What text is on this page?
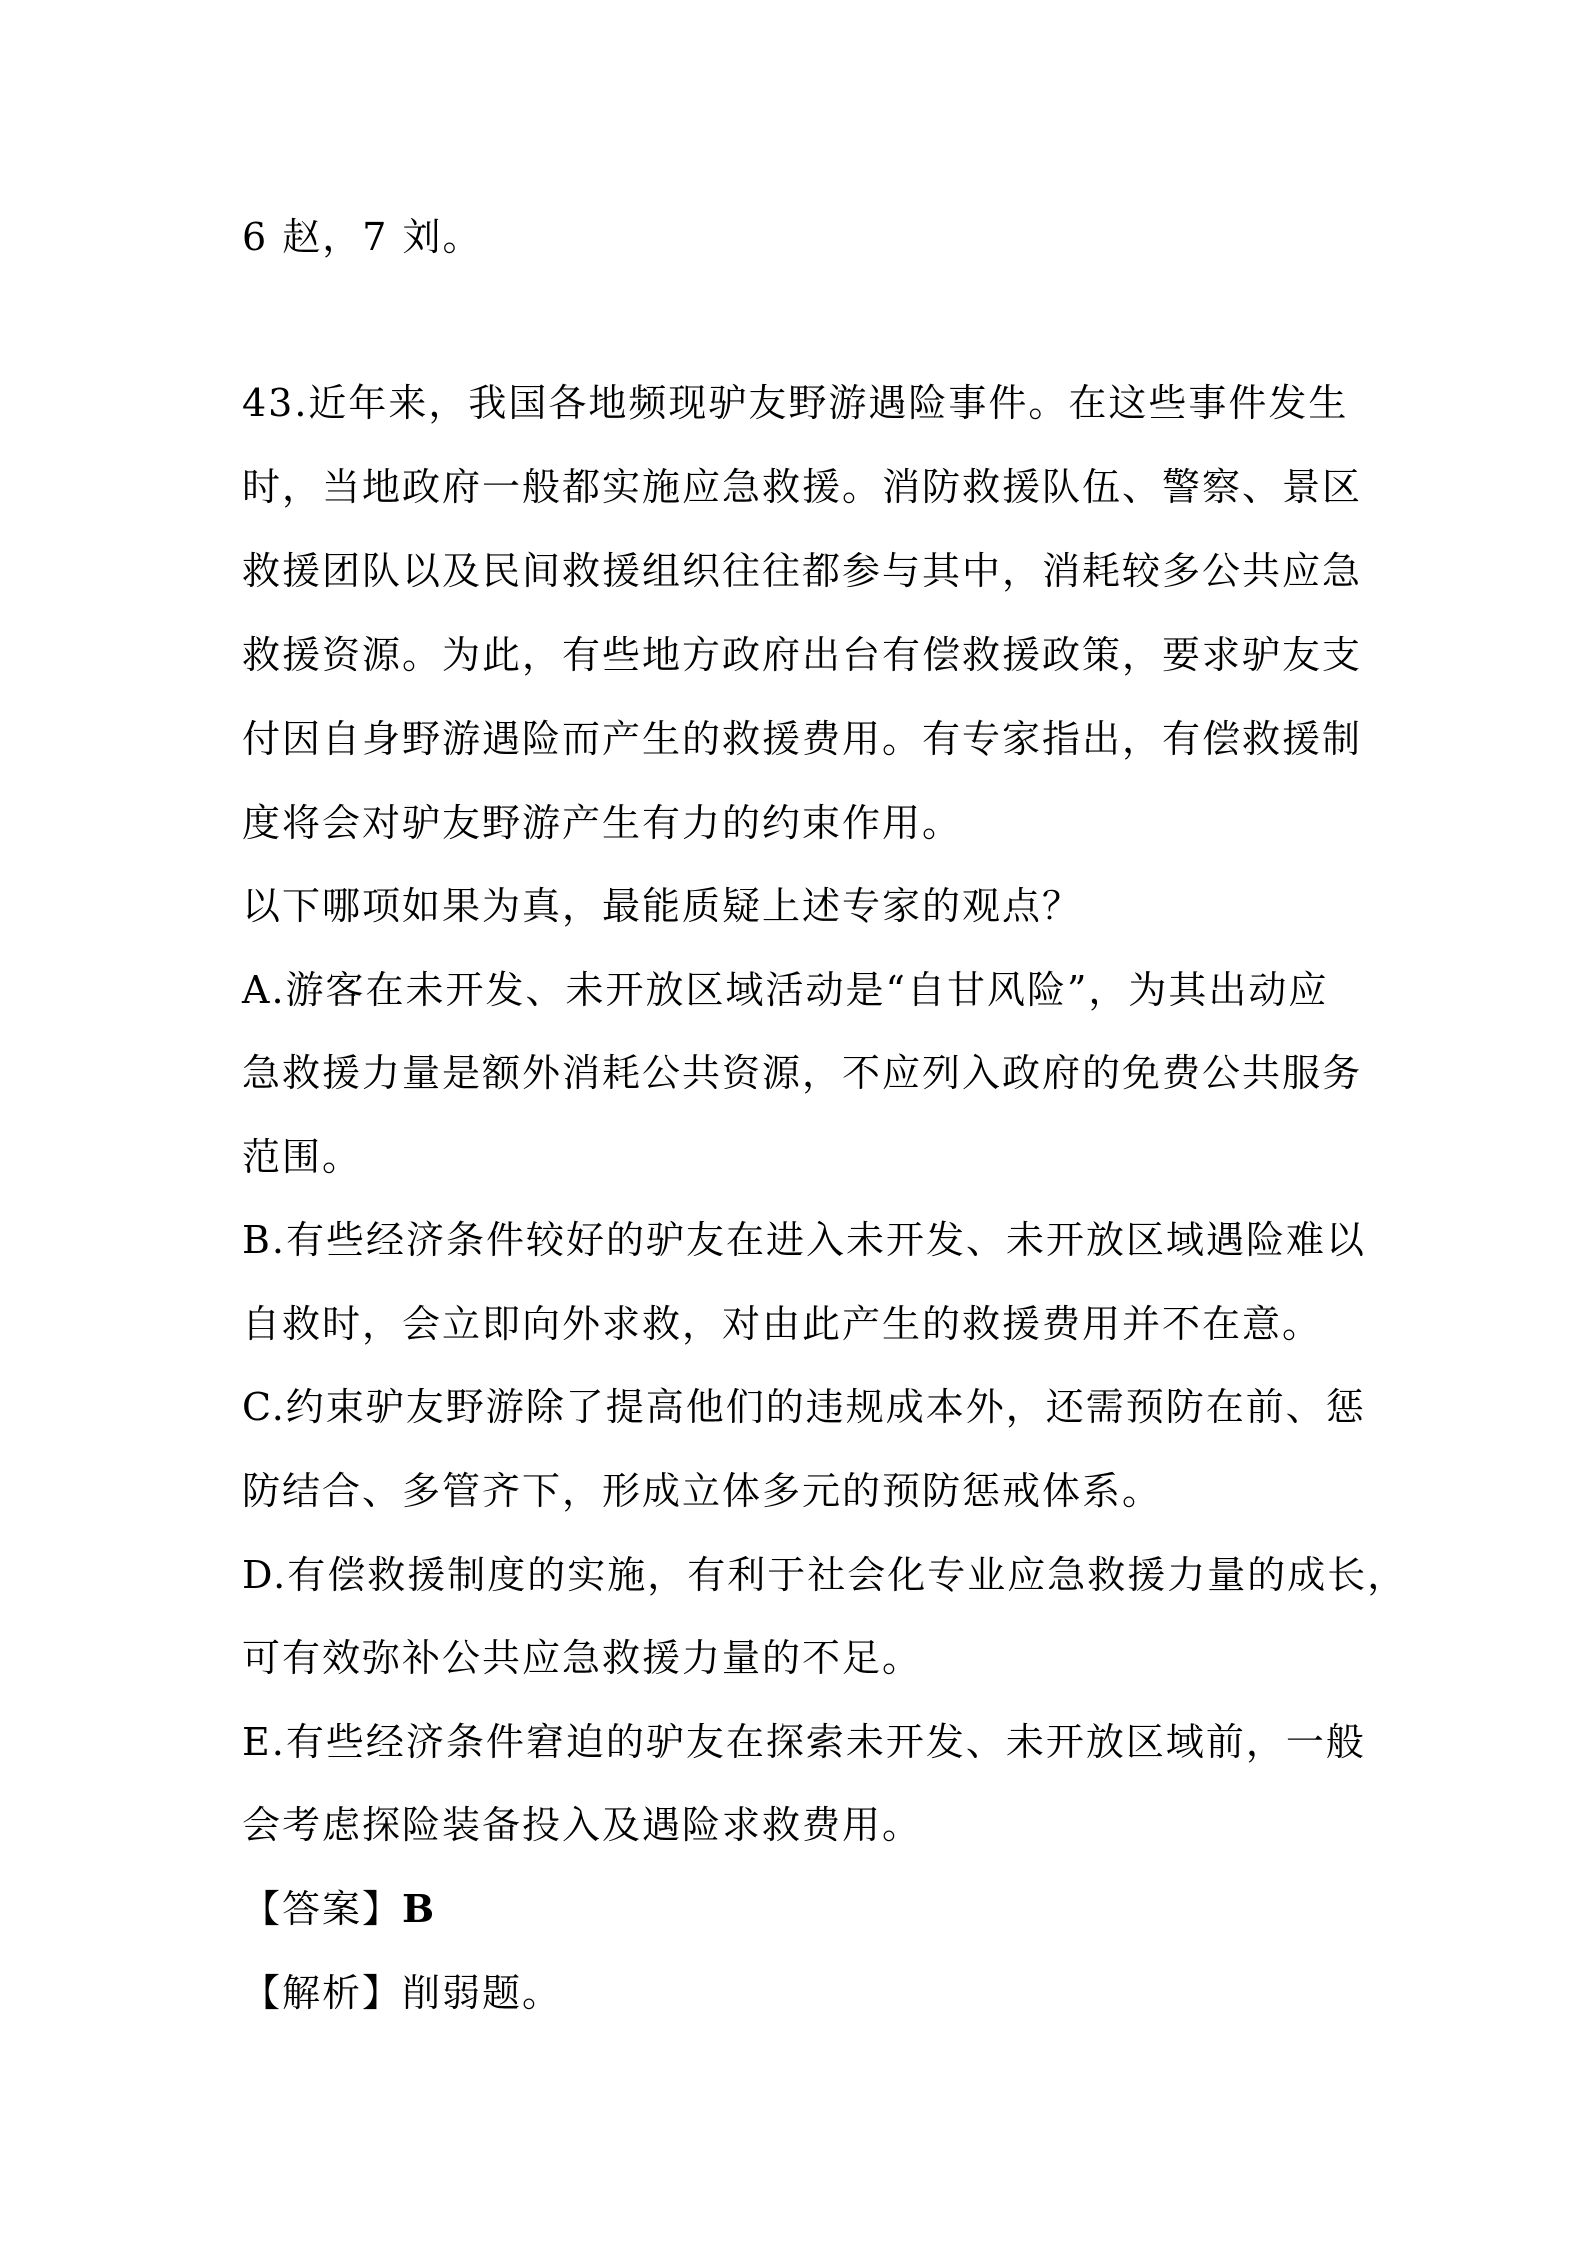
6 赵，7 刘。
43.近年来，我国各地频现驴友野游遇险事件。在这些事件发生
时，当地政府一般都实施应急救援。消防救援队伍、警察、景区
救援团队以及民间救援组织往往都参与其中，消耗较多公共应急
救援资源。为此，有些地方政府出台有偿救援政策，要求驴友支
付因自身野游遇险而产生的救援费用。有专家指出，有偿救援制
度将会对驴友野游产生有力的约束作用。
以下哪项如果为真，最能质疑上述专家的观点？
A.游客在未开发、未开放区域活动是“自甘风险”，为其出动应
急救援力量是额外消耗公共资源，不应列入政府的免费公共服务
范围。
B.有些经济条件较好的驴友在进入未开发、未开放区域遇险难以
自救时，会立即向外求救，对由此产生的救援费用并不在意。
C.约束驴友野游除了提高他们的违规成本外，还需预防在前、惩
防结合、多管齐下，形成立体多元的预防惩戒体系。
D.有偿救援制度的实施，有利于社会化专业应急救援力量的成长，
可有效弥补公共应急救援力量的不足。
E.有些经济条件窘迫的驴友在探索未开发、未开放区域前，一般
会考虑探险装备投入及遇险求救费用。
【答案】B
【解析】削弱题。
